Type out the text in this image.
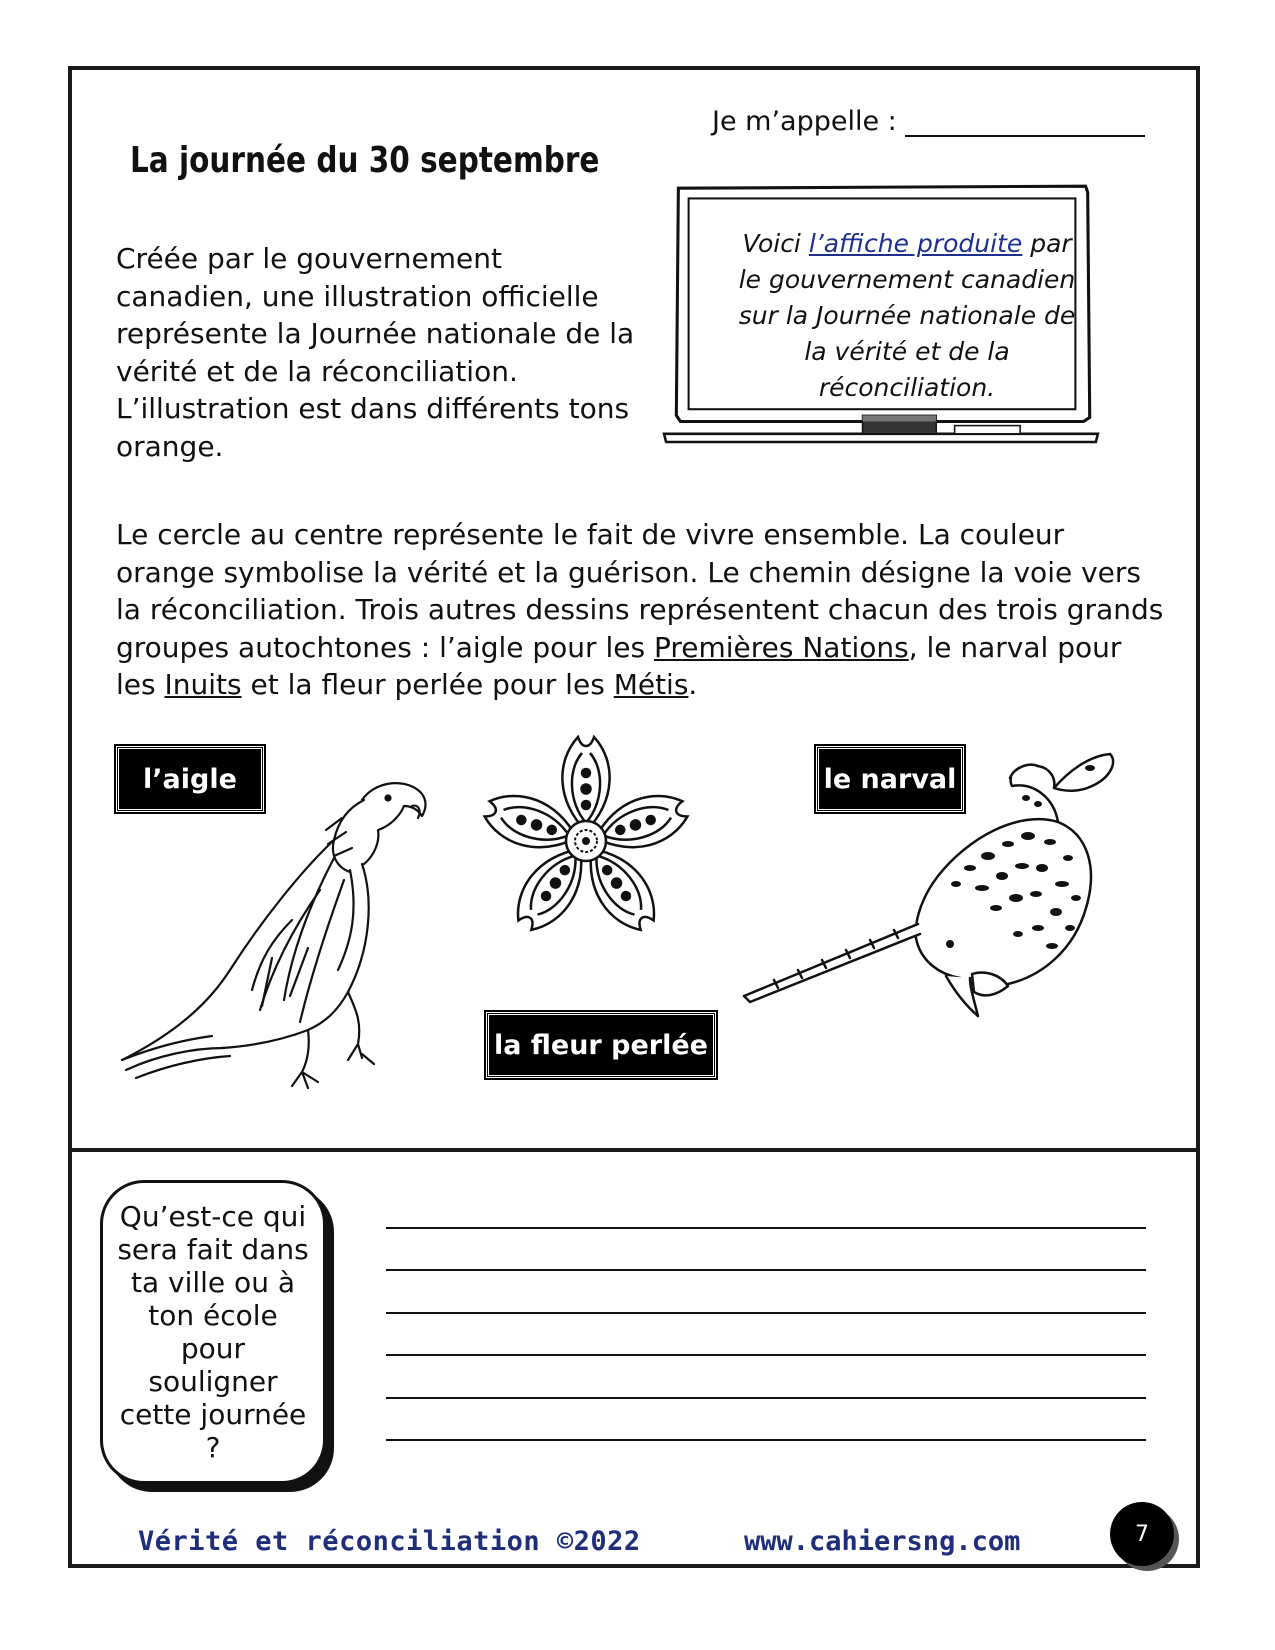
Je m’appelle :
La journée du 30 septembre
Créée par le gouvernement canadien, une illustration officielle représente la Journée nationale de la vérité et de la réconciliation. L’illustration est dans différents tons orange.
Voici l’affiche produite par le gouvernement canadien sur la Journée nationale de la vérité et de la réconciliation.
Le cercle au centre représente le fait de vivre ensemble. La couleur orange symbolise la vérité et la guérison. Le chemin désigne la voie vers la réconciliation. Trois autres dessins représentent chacun des trois grands groupes autochtones : l’aigle pour les Premières Nations, le narval pour les Inuits et la fleur perlée pour les Métis.
l’aigle	le narval
la fleur perlée
Qu’est-ce qui sera fait dans ta ville ou à ton école pour souligner cette journée ?
Vérité et réconciliation ©2022	www.cahiersng.com	7
